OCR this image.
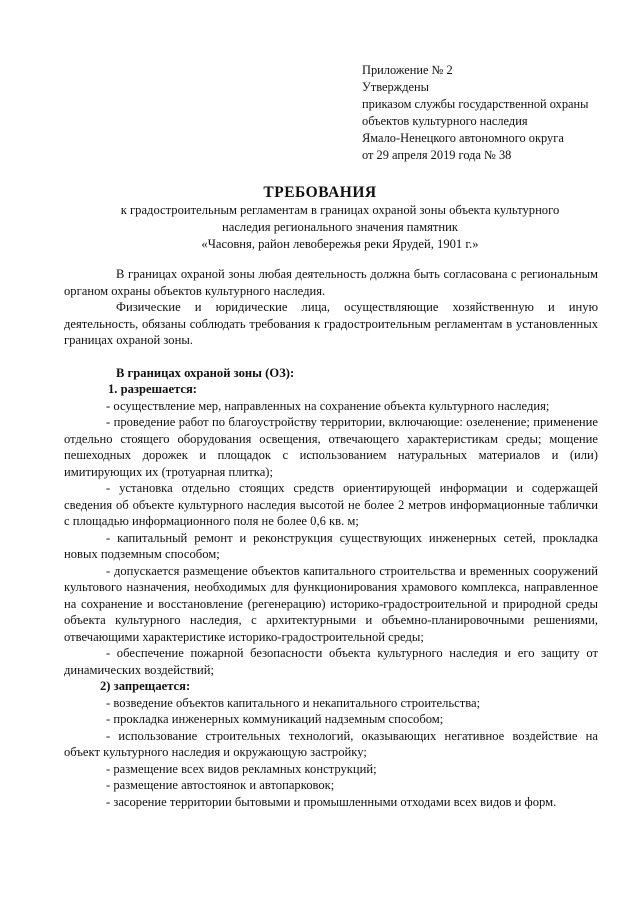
Приложение № 2
Утверждены
приказом службы государственной охраны
объектов культурного наследия
Ямало-Ненецкого автономного округа
от 29 апреля 2019 года № 38
ТРЕБОВАНИЯ
к градостроительным регламентам в границах охраной зоны объекта культурного
наследия регионального значения памятник
«Часовня, район левобережья реки Ярудей, 1901 г.»

В границах охраной зоны любая деятельность должна быть согласована с региональным органом охраны объектов культурного наследия.

Физические и юридические лица, осуществляющие хозяйственную и иную деятельность, обязаны соблюдать требования к градостроительным регламентам в установленных границах охраной зоны.

В границах охраной зоны (ОЗ):

1. разрешается:

- осуществление мер, направленных на сохранение объекта культурного наследия;

- проведение работ по благоустройству территории, включающие: озеленение; применение отдельно стоящего оборудования освещения, отвечающего характеристикам среды; мощение пешеходных дорожек и площадок с использованием натуральных материалов и (или) имитирующих их (тротуарная плитка);

- установка отдельно стоящих средств ориентирующей информации и содержащей сведения об объекте культурного наследия высотой не более 2 метров информационные таблички с площадью информационного поля не более 0,6 кв. м;

- капитальный ремонт и реконструкция существующих инженерных сетей, прокладка новых подземным способом;

- допускается размещение объектов капитального строительства и временных сооружений культового назначения, необходимых для функционирования храмового комплекса, направленное на сохранение и восстановление (регенерацию) историко-градостроительной и природной среды объекта культурного наследия, с архитектурными и объемно-планировочными решениями, отвечающими характеристике историко-градостроительной среды;

- обеспечение пожарной безопасности объекта культурного наследия и его защиту от динамических воздействий;

2) запрещается:

- возведение объектов капитального и некапитального строительства;

- прокладка инженерных коммуникаций надземным способом;

- использование строительных технологий, оказывающих негативное воздействие на объект культурного наследия и окружающую застройку;

- размещение всех видов рекламных конструкций;

- размещение автостоянок и автопарковок;

- засорение территории бытовыми и промышленными отходами всех видов и форм.
